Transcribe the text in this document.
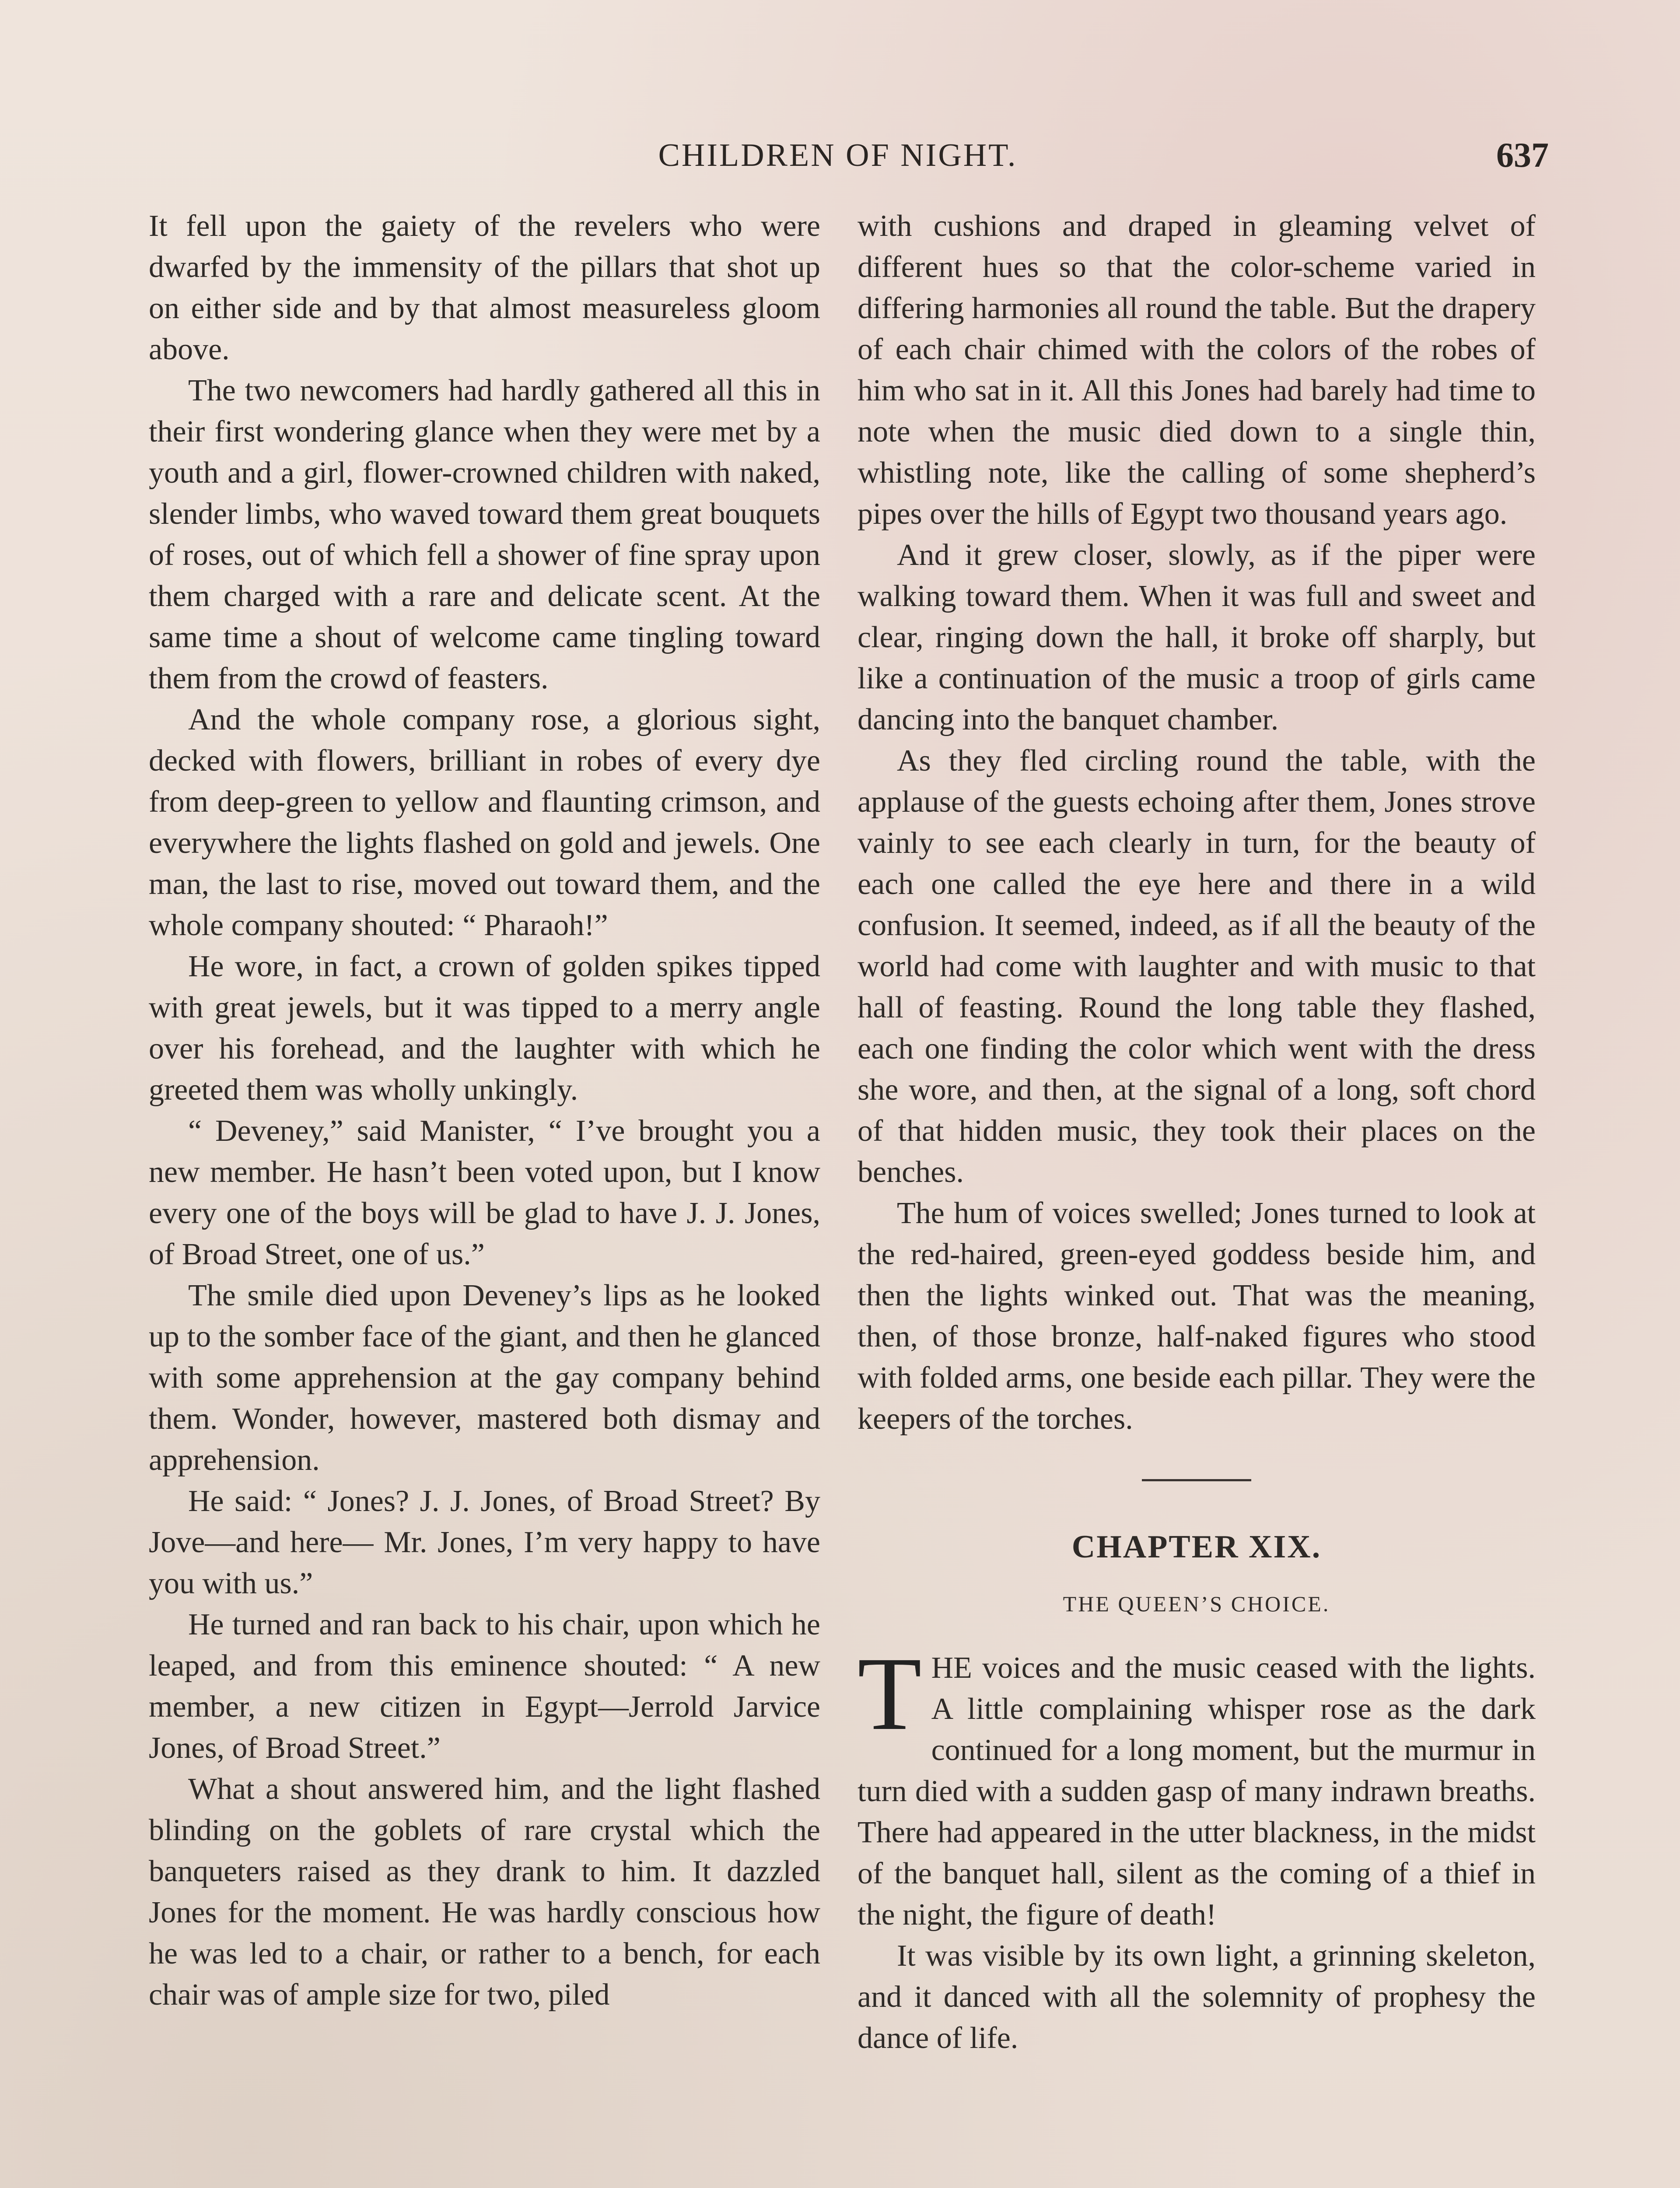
CHILDREN OF NIGHT.	637

It fell upon the gaiety of the revelers who were dwarfed by the immensity of the pillars that shot up on either side and by that almost measureless gloom above.

The two newcomers had hardly gathered all this in their first wondering glance when they were met by a youth and a girl, flower-crowned children with naked, slender limbs, who waved toward them great bouquets of roses, out of which fell a shower of fine spray upon them charged with a rare and delicate scent. At the same time a shout of welcome came tingling toward them from the crowd of feasters.

And the whole company rose, a glorious sight, decked with flowers, brilliant in robes of every dye from deep-green to yellow and flaunting crimson, and everywhere the lights flashed on gold and jewels. One man, the last to rise, moved out toward them, and the whole company shouted: “ Pharaoh!”

He wore, in fact, a crown of golden spikes tipped with great jewels, but it was tipped to a merry angle over his forehead, and the laughter with which he greeted them was wholly unkingly.

“ Deveney,” said Manister, “ I’ve brought you a new member. He hasn’t been voted upon, but I know every one of the boys will be glad to have J. J. Jones, of Broad Street, one of us.”

The smile died upon Deveney’s lips as he looked up to the somber face of the giant, and then he glanced with some apprehension at the gay company behind them. Wonder, however, mastered both dismay and apprehension.

He said: “ Jones? J. J. Jones, of Broad Street? By Jove—and here— Mr. Jones, I’m very happy to have you with us.”

He turned and ran back to his chair, upon which he leaped, and from this eminence shouted: “ A new member, a new citizen in Egypt—Jerrold Jarvice Jones, of Broad Street.”

What a shout answered him, and the light flashed blinding on the goblets of rare crystal which the banqueters raised as they drank to him. It dazzled Jones for the moment. He was hardly conscious how he was led to a chair, or rather to a bench, for each chair was of ample size for two, piled

with cushions and draped in gleaming velvet of different hues so that the color-scheme varied in differing harmonies all round the table. But the drapery of each chair chimed with the colors of the robes of him who sat in it. All this Jones had barely had time to note when the music died down to a single thin, whistling note, like the calling of some shepherd’s pipes over the hills of Egypt two thousand years ago.

And it grew closer, slowly, as if the piper were walking toward them. When it was full and sweet and clear, ringing down the hall, it broke off sharply, but like a continuation of the music a troop of girls came dancing into the banquet chamber.

As they fled circling round the table, with the applause of the guests echoing after them, Jones strove vainly to see each clearly in turn, for the beauty of each one called the eye here and there in a wild confusion. It seemed, indeed, as if all the beauty of the world had come with laughter and with music to that hall of feasting. Round the long table they flashed, each one finding the color which went with the dress she wore, and then, at the signal of a long, soft chord of that hidden music, they took their places on the benches.

The hum of voices swelled; Jones turned to look at the red-haired, green-eyed goddess beside him, and then the lights winked out. That was the meaning, then, of those bronze, half-naked figures who stood with folded arms, one beside each pillar. They were the keepers of the torches.

CHAPTER XIX.
THE QUEEN’S CHOICE.

THE voices and the music ceased with the lights. A little complaining whisper rose as the dark continued for a long moment, but the murmur in turn died with a sudden gasp of many indrawn breaths. There had appeared in the utter blackness, in the midst of the banquet hall, silent as the coming of a thief in the night, the figure of death!

It was visible by its own light, a grinning skeleton, and it danced with all the solemnity of prophesy the dance of life.
